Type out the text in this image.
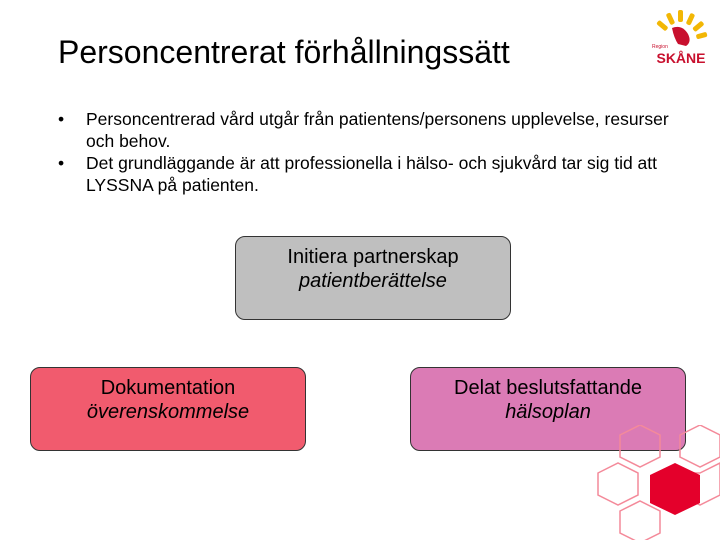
Personcentrerat förhållningssätt	Region
SKÅNE
• Personcentrerad vård utgår från patientens/personens upplevelse, resurser och behov.
• Det grundläggande är att professionella i hälso- och sjukvård tar sig tid att LYSSNA på patienten.
Initiera partnerskap
patientberättelse
Dokumentation
överenskommelse
Delat beslutsfattande
hälsoplan
